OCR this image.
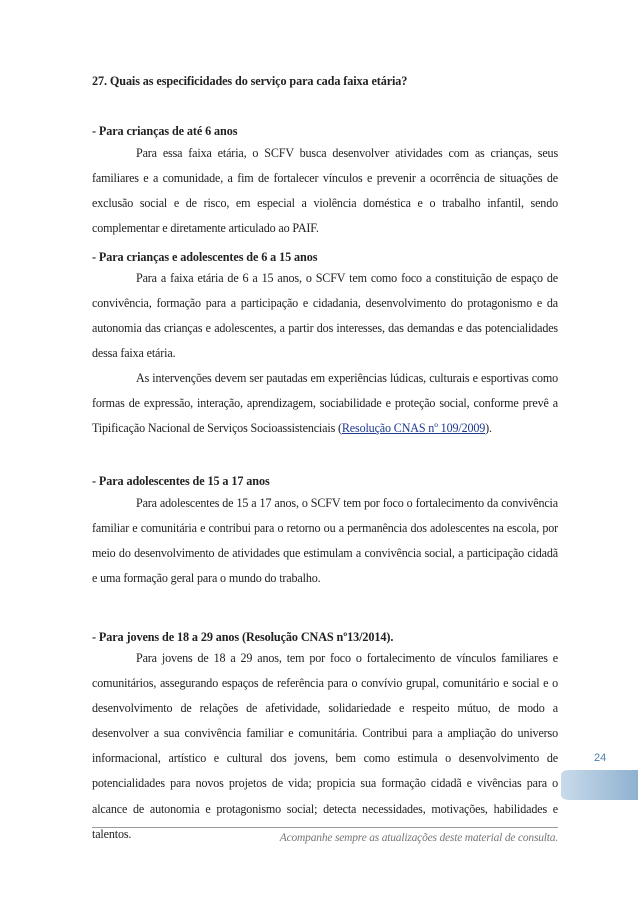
27. Quais as especificidades do serviço para cada faixa etária?
- Para crianças de até 6 anos
Para essa faixa etária, o SCFV busca desenvolver atividades com as crianças, seus familiares e a comunidade, a fim de fortalecer vínculos e prevenir a ocorrência de situações de exclusão social e de risco, em especial a violência doméstica e o trabalho infantil, sendo complementar e diretamente articulado ao PAIF.
- Para crianças e adolescentes de 6 a 15 anos
Para a faixa etária de 6 a 15 anos, o SCFV tem como foco a constituição de espaço de convivência, formação para a participação e cidadania, desenvolvimento do protagonismo e da autonomia das crianças e adolescentes, a partir dos interesses, das demandas e das potencialidades dessa faixa etária.
As intervenções devem ser pautadas em experiências lúdicas, culturais e esportivas como formas de expressão, interação, aprendizagem, sociabilidade e proteção social, conforme prevê a Tipificação Nacional de Serviços Socioassistenciais (Resolução CNAS nº 109/2009).
- Para adolescentes de 15 a 17 anos
Para adolescentes de 15 a 17 anos, o SCFV tem por foco o fortalecimento da convivência familiar e comunitária e contribui para o retorno ou a permanência dos adolescentes na escola, por meio do desenvolvimento de atividades que estimulam a convivência social, a participação cidadã e uma formação geral para o mundo do trabalho.
- Para jovens de 18 a 29 anos (Resolução CNAS nº13/2014).
Para jovens de 18 a 29 anos, tem por foco o fortalecimento de vínculos familiares e comunitários, assegurando espaços de referência para o convívio grupal, comunitário e social e o desenvolvimento de relações de afetividade, solidariedade e respeito mútuo, de modo a desenvolver a sua convivência familiar e comunitária. Contribui para a ampliação do universo informacional, artístico e cultural dos jovens, bem como estimula o desenvolvimento de potencialidades para novos projetos de vida; propicia sua formação cidadã e vivências para o alcance de autonomia e protagonismo social; detecta necessidades, motivações, habilidades e talentos.
24
Acompanhe sempre as atualizações deste material de consulta.
